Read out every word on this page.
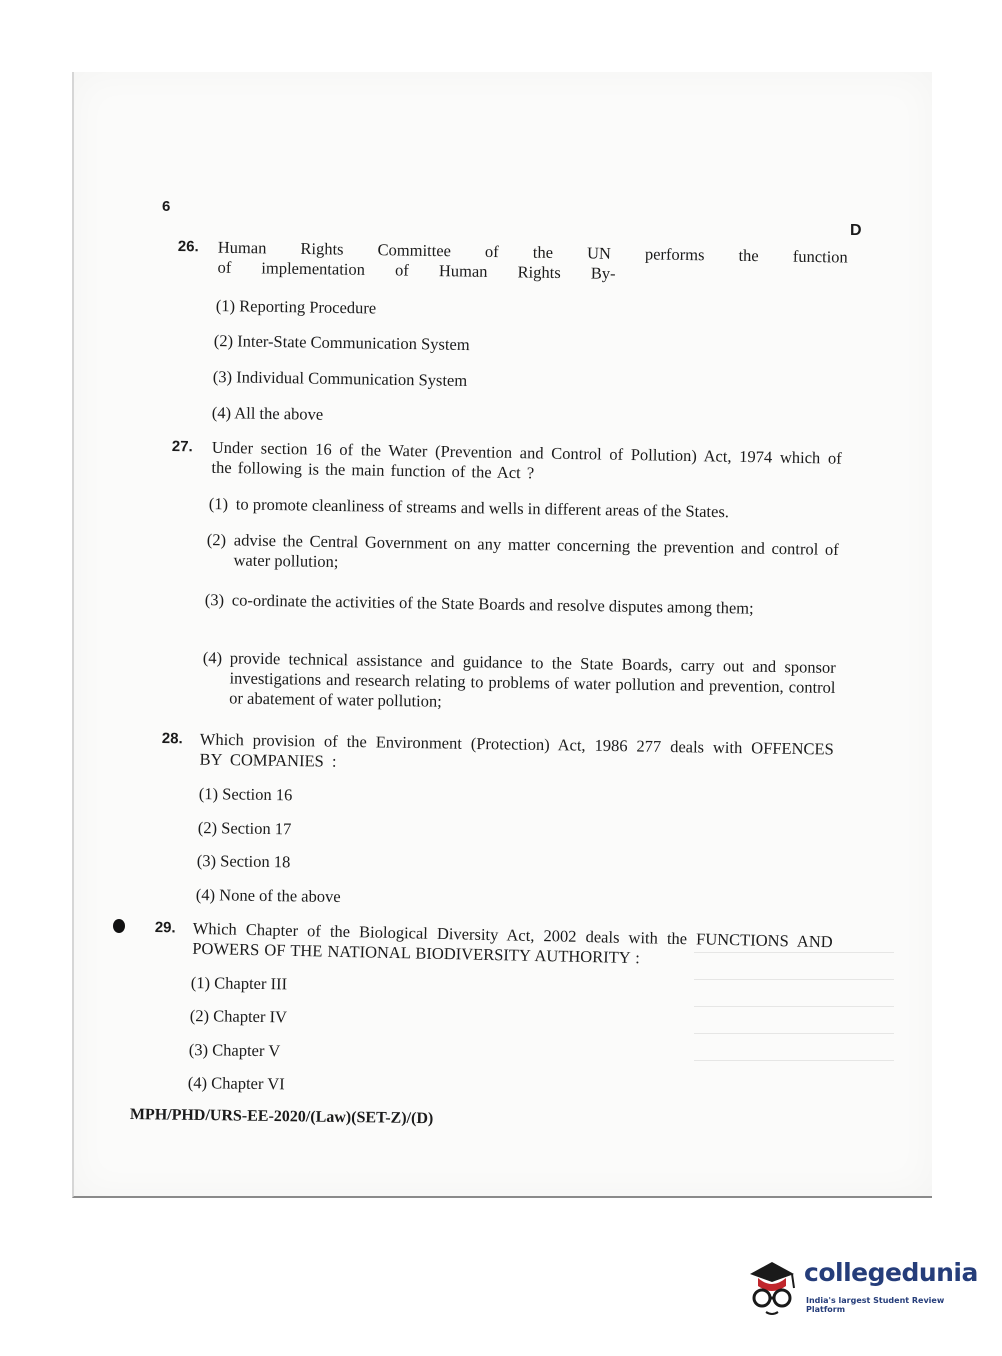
6
D
26. Human Rights Committee of the UN performs the function of implementation of Human Rights By-
(1) Reporting Procedure
(2) Inter-State Communication System
(3) Individual Communication System
(4) All the above
27. Under section 16 of the Water (Prevention and Control of Pollution) Act, 1974 which of the following is the main function of the Act ?
(1) to promote cleanliness of streams and wells in different areas of the States.
(2) advise the Central Government on any matter concerning the prevention and control of water pollution;
(3) co-ordinate the activities of the State Boards and resolve disputes among them;
(4) provide technical assistance and guidance to the State Boards, carry out and sponsor investigations and research relating to problems of water pollution and prevention, control or abatement of water pollution;
28. Which provision of the Environment (Protection) Act, 1986 277 deals with OFFENCES BY COMPANIES :
(1) Section 16
(2) Section 17
(3) Section 18
(4) None of the above
29. Which Chapter of the Biological Diversity Act, 2002 deals with the FUNCTIONS AND POWERS OF THE NATIONAL BIODIVERSITY AUTHORITY :
(1) Chapter III
(2) Chapter IV
(3) Chapter V
(4) Chapter VI
MPH/PHD/URS-EE-2020/(Law)(SET-Z)/(D)
collegedunia
India's largest Student Review Platform
